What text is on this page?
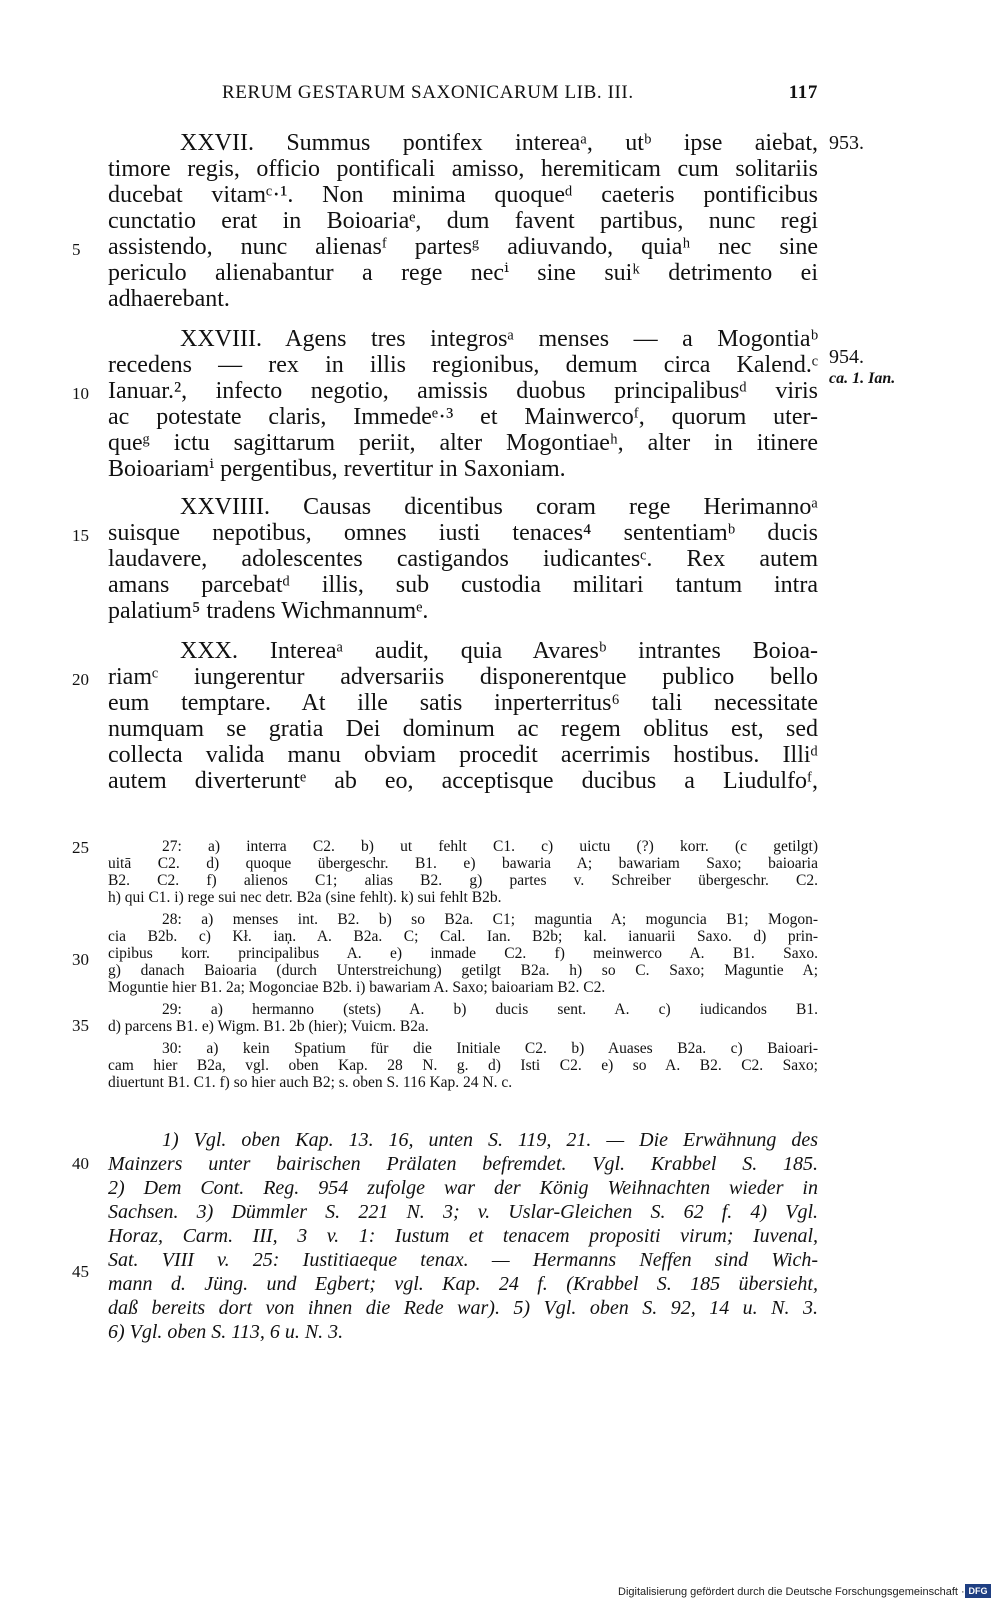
RERUM GESTARUM SAXONICARUM LIB. III.	117
XXVII. Summus pontifex intereaᵃ, utᵇ ipse aiebat,
timore regis, officio pontificali amisso, heremiticam cum solitariis
ducebat vitamᶜ·¹. Non minima quoqueᵈ caeteris pontificibus
cunctatio erat in Boioariaᵉ, dum favent partibus, nunc regi
assistendo, nunc alienasᶠ partesᵍ adiuvando, quiaʰ nec sine
periculo alienabantur a rege necⁱ sine suiᵏ detrimento ei
adhaerebant.
XXVIII. Agens tres integrosᵃ menses — a Mogontiaᵇ
recedens — rex in illis regionibus, demum circa Kalend.ᶜ
Ianuar.², infecto negotio, amissis duobus principalibusᵈ viris
ac potestate claris, Immedeᵉ·³ et Mainwercoᶠ, quorum uter-
queᵍ ictu sagittarum periit, alter Mogontiaeʰ, alter in itinere
Boioariamⁱ pergentibus, revertitur in Saxoniam.
XXVIIII. Causas dicentibus coram rege Herimannoᵃ
suisque nepotibus, omnes iusti tenaces⁴ sententiamᵇ ducis
laudavere, adolescentes castigandos iudicantesᶜ. Rex autem
amans parcebatᵈ illis, sub custodia militari tantum intra
palatium⁵ tradens Wichmannumᵉ.
XXX. Intereaᵃ audit, quia Avaresᵇ intrantes Boioa-
riamᶜ iungerentur adversariis disponerentque publico bello
eum temptare. At ille satis inperterritus⁶ tali necessitate
numquam se gratia Dei dominum ac regem oblitus est, sed
collecta valida manu obviam procedit acerrimis hostibus. Illiᵈ
autem diverteruntᵉ ab eo, acceptisque ducibus a Liudulfoᶠ,
5
10
15
20
25
30
35
40
45
953.
954.
ca. 1. Ian.
27: a) interra C2. b) ut fehlt C1. c) uictu (?) korr. (c getilgt)
uitā C2. d) quoque übergeschr. B1. e) bawaria A; bawariam Saxo; baioaria
B2. C2. f) alienos C1; alias B2. g) partes v. Schreiber übergeschr. C2.
h) qui C1. i) rege sui nec detr. B2a (sine fehlt). k) sui fehlt B2b.
28: a) menses int. B2. b) so B2a. C1; maguntia A; moguncia B1; Mogon-
cia B2b. c) Kł. iaņ. A. B2a. C; Cal. Ian. B2b; kal. ianuarii Saxo. d) prin-
cipibus korr. principalibus A. e) inmade C2. f) meinwerco A. B1. Saxo.
g) danach Baioaria (durch Unterstreichung) getilgt B2a. h) so C. Saxo; Maguntie A;
Moguntie hier B1. 2a; Mogonciae B2b. i) bawariam A. Saxo; baioariam B2. C2.
29: a) hermanno (stets) A. b) ducis sent. A. c) iudicandos B1.
d) parcens B1. e) Wigm. B1. 2b (hier); Vuicm. B2a.
30: a) kein Spatium für die Initiale C2. b) Auases B2a. c) Baioari-
cam hier B2a, vgl. oben Kap. 28 N. g. d) Isti C2. e) so A. B2. C2. Saxo;
diuertunt B1. C1. f) so hier auch B2; s. oben S. 116 Kap. 24 N. c.
1) Vgl. oben Kap. 13. 16, unten S. 119, 21. — Die Erwähnung des
Mainzers unter bairischen Prälaten befremdet. Vgl. Krabbel S. 185.
2) Dem Cont. Reg. 954 zufolge war der König Weihnachten wieder in
Sachsen. 3) Dümmler S. 221 N. 3; v. Uslar-Gleichen S. 62 f. 4) Vgl.
Horaz, Carm. III, 3 v. 1: Iustum et tenacem propositi virum; Iuvenal,
Sat. VIII v. 25: Iustitiaeque tenax. — Hermanns Neffen sind Wich-
mann d. Jüng. und Egbert; vgl. Kap. 24 f. (Krabbel S. 185 übersieht,
daß bereits dort von ihnen die Rede war). 5) Vgl. oben S. 92, 14 u. N. 3.
6) Vgl. oben S. 113, 6 u. N. 3.
Digitalisierung gefördert durch die Deutsche Forschungsgemeinschaft · DFG
